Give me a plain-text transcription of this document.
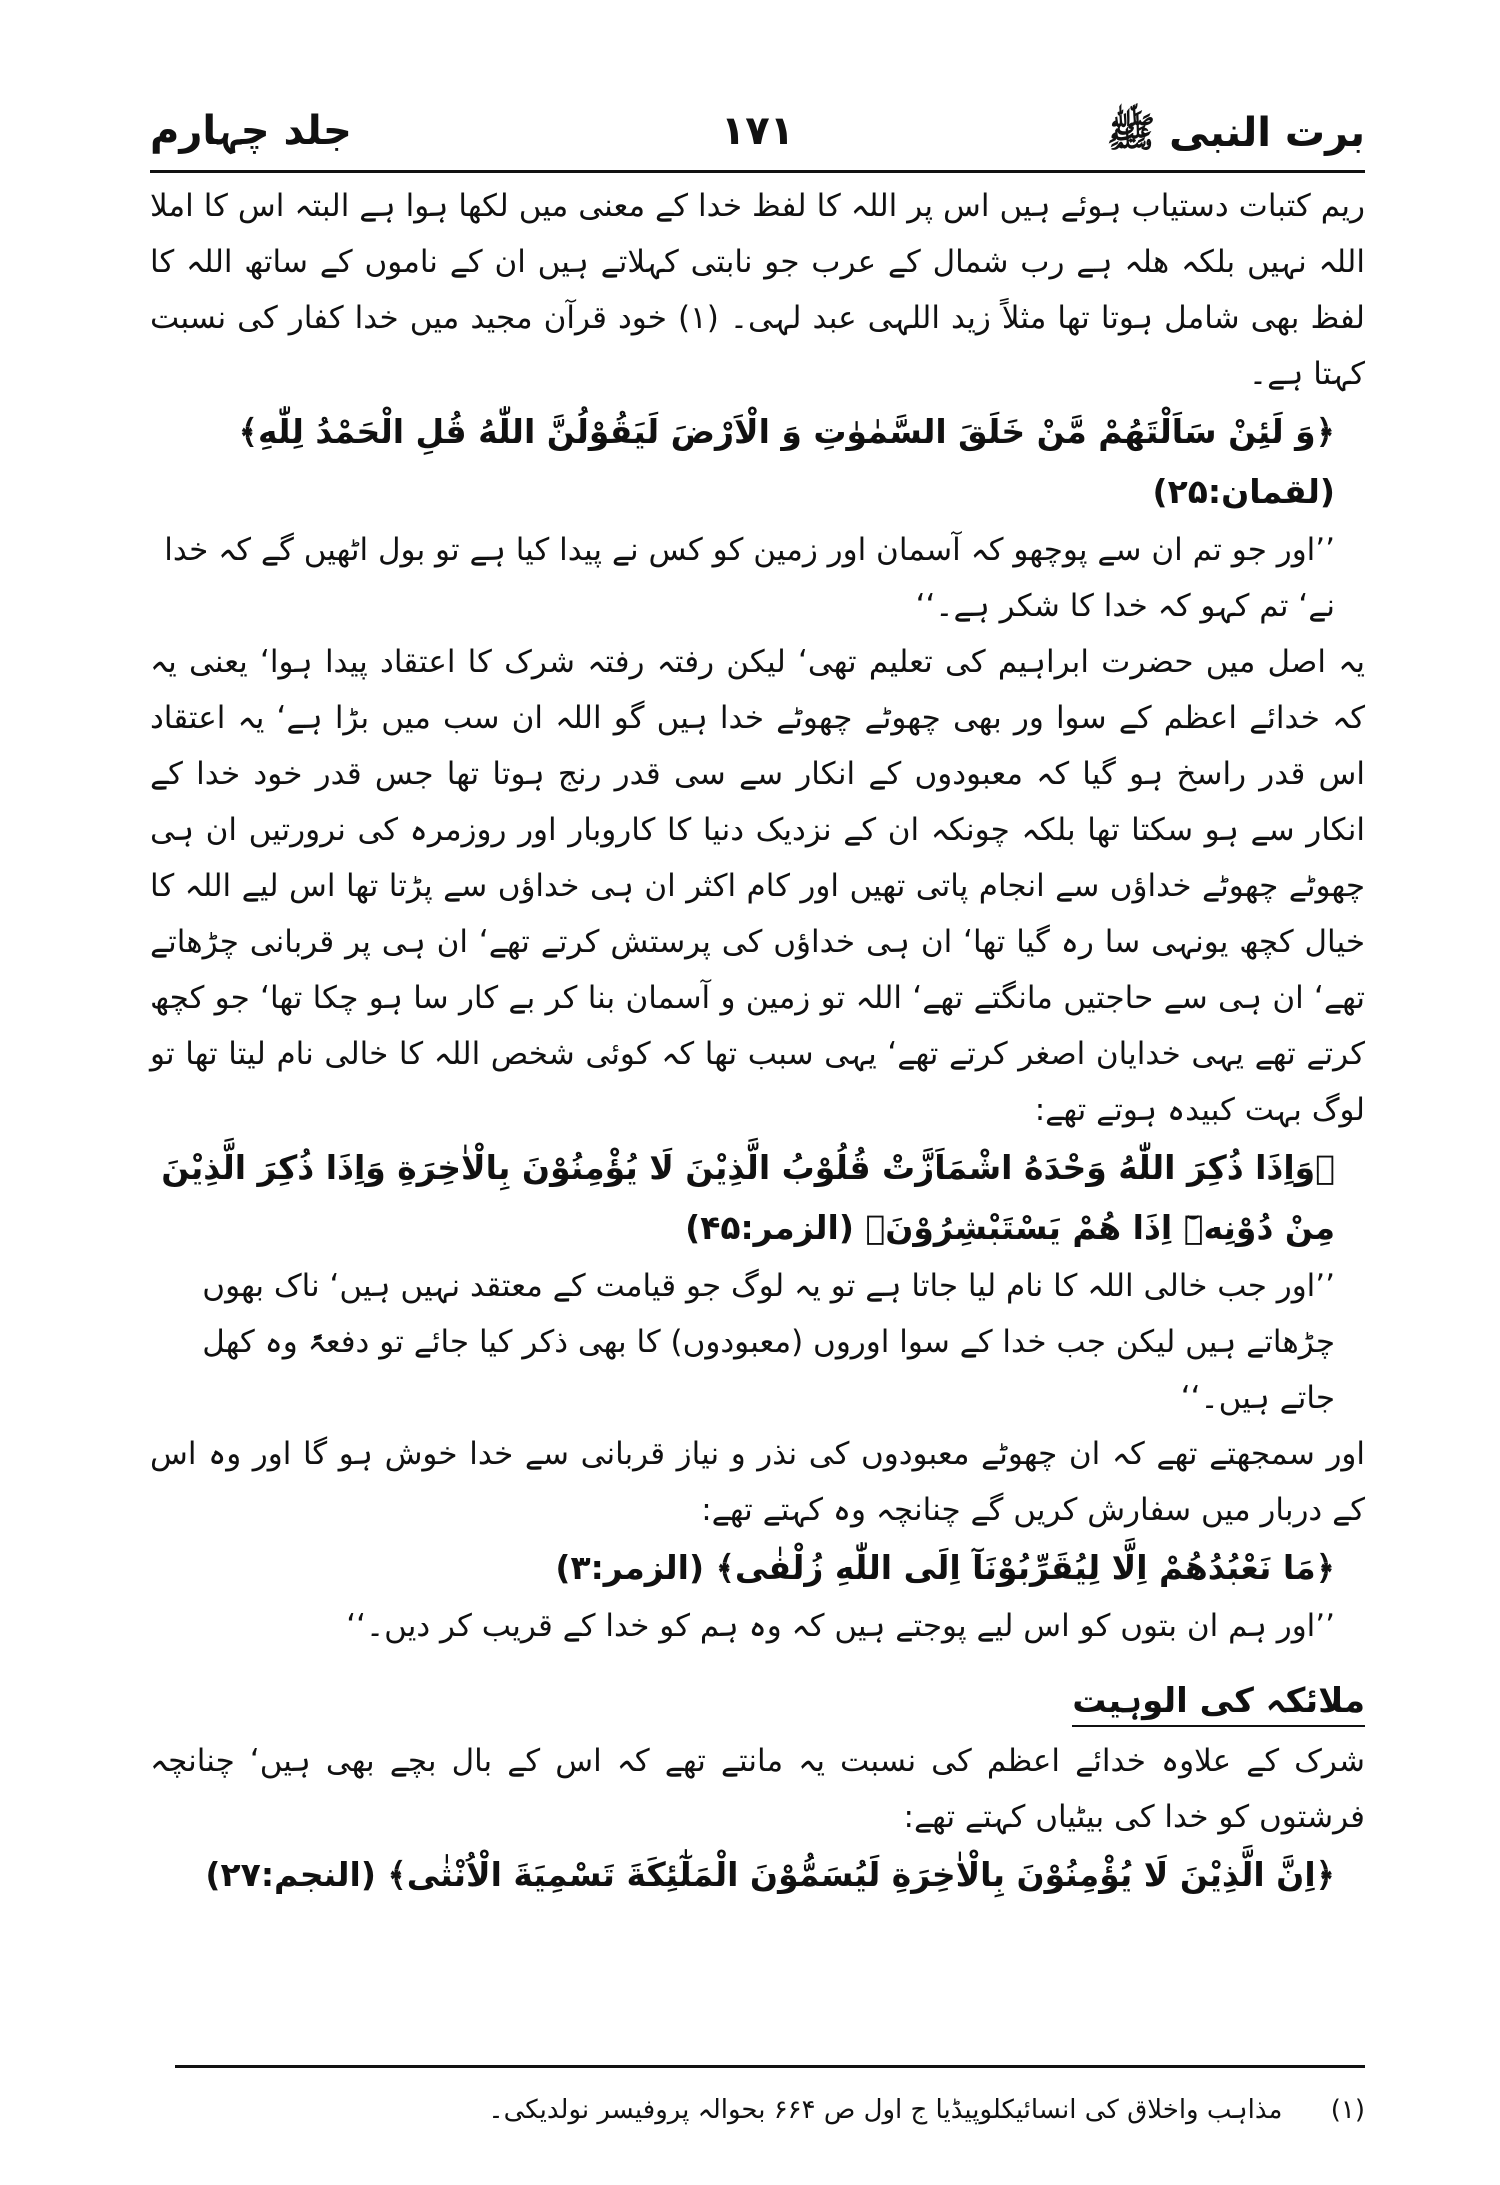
برت النبی ﷺ
۱۷۱
جلد چہارم

ریم کتبات دستیاب ہوئے ہیں اس پر اللہ کا لفظ خدا کے معنی میں لکھا ہوا ہے البتہ اس کا املا اللہ نہیں بلکہ ھلہ ہے رب شمال کے عرب جو نابتی کہلاتے ہیں ان کے ناموں کے ساتھ اللہ کا لفظ بھی شامل ہوتا تھا مثلاً زید اللہی عبد لہی۔ (۱) خود قرآن مجید میں خدا کفار کی نسبت کہتا ہے۔

﴿وَ لَئِنْ سَاَلْتَهُمْ مَّنْ خَلَقَ السَّمٰوٰتِ وَ الْاَرْضَ لَيَقُوْلُنَّ اللّٰهُ قُلِ الْحَمْدُ لِلّٰهِ﴾ (لقمان:۲۵)

’’اور جو تم ان سے پوچھو کہ آسمان اور زمین کو کس نے پیدا کیا ہے تو بول اٹھیں گے کہ خدا نے‘ تم کہو کہ خدا کا شکر ہے۔‘‘

یہ اصل میں حضرت ابراہیم کی تعلیم تھی‘ لیکن رفتہ رفتہ شرک کا اعتقاد پیدا ہوا‘ یعنی یہ کہ خدائے اعظم کے سوا ور بھی چھوٹے چھوٹے خدا ہیں گو اللہ ان سب میں بڑا ہے‘ یہ اعتقاد اس قدر راسخ ہو گیا کہ معبودوں کے انکار سے سی قدر رنج ہوتا تھا جس قدر خود خدا کے انکار سے ہو سکتا تھا بلکہ چونکہ ان کے نزدیک دنیا کا کاروبار اور روزمرہ کی نرورتیں ان ہی چھوٹے چھوٹے خداؤں سے انجام پاتی تھیں اور کام اکثر ان ہی خداؤں سے پڑتا تھا اس لیے اللہ کا خیال کچھ یونہی سا رہ گیا تھا‘ ان ہی خداؤں کی پرستش کرتے تھے‘ ان ہی پر قربانی چڑھاتے تھے‘ ان ہی سے حاجتیں مانگتے تھے‘ اللہ تو زمین و آسمان بنا کر بے کار سا ہو چکا تھا‘ جو کچھ کرتے تھے یہی خدایان اصغر کرتے تھے‘ یہی سبب تھا کہ کوئی شخص اللہ کا خالی نام لیتا تھا تو لوگ بہت کبیدہ ہوتے تھے:

﴿وَاِذَا ذُكِرَ اللّٰهُ وَحْدَهُ اشْمَاَزَّتْ قُلُوْبُ الَّذِيْنَ لَا يُؤْمِنُوْنَ بِالْاٰخِرَةِ وَاِذَا ذُكِرَ الَّذِيْنَ مِنْ دُوْنِهٖٓ اِذَا هُمْ يَسْتَبْشِرُوْنَ﴾ (الزمر:۴۵)

’’اور جب خالی اللہ کا نام لیا جاتا ہے تو یہ لوگ جو قیامت کے معتقد نہیں ہیں‘ ناک بھوں چڑھاتے ہیں لیکن جب خدا کے سوا اوروں (معبودوں) کا بھی ذکر کیا جائے تو دفعۃً وہ کھل جاتے ہیں۔‘‘

اور سمجھتے تھے کہ ان چھوٹے معبودوں کی نذر و نیاز قربانی سے خدا خوش ہو گا اور وہ اس کے دربار میں سفارش کریں گے چنانچہ وہ کہتے تھے:

﴿مَا نَعْبُدُهُمْ اِلَّا لِيُقَرِّبُوْنَآ اِلَى اللّٰهِ زُلْفٰى﴾ (الزمر:۳)

’’اور ہم ان بتوں کو اس لیے پوجتے ہیں کہ وہ ہم کو خدا کے قریب کر دیں۔‘‘

ملائکہ کی الوہیت

شرک کے علاوہ خدائے اعظم کی نسبت یہ مانتے تھے کہ اس کے بال بچے بھی ہیں‘ چنانچہ فرشتوں کو خدا کی بیٹیاں کہتے تھے:

﴿اِنَّ الَّذِيْنَ لَا يُؤْمِنُوْنَ بِالْاٰخِرَةِ لَيُسَمُّوْنَ الْمَلٰٓئِكَةَ تَسْمِيَةَ الْاُنْثٰى﴾ (النجم:۲۷)

(۱) مذاہب واخلاق کی انسائیکلوپیڈیا ج اول ص ۶۶۴ بحوالہ پروفیسر نولدیکی۔
